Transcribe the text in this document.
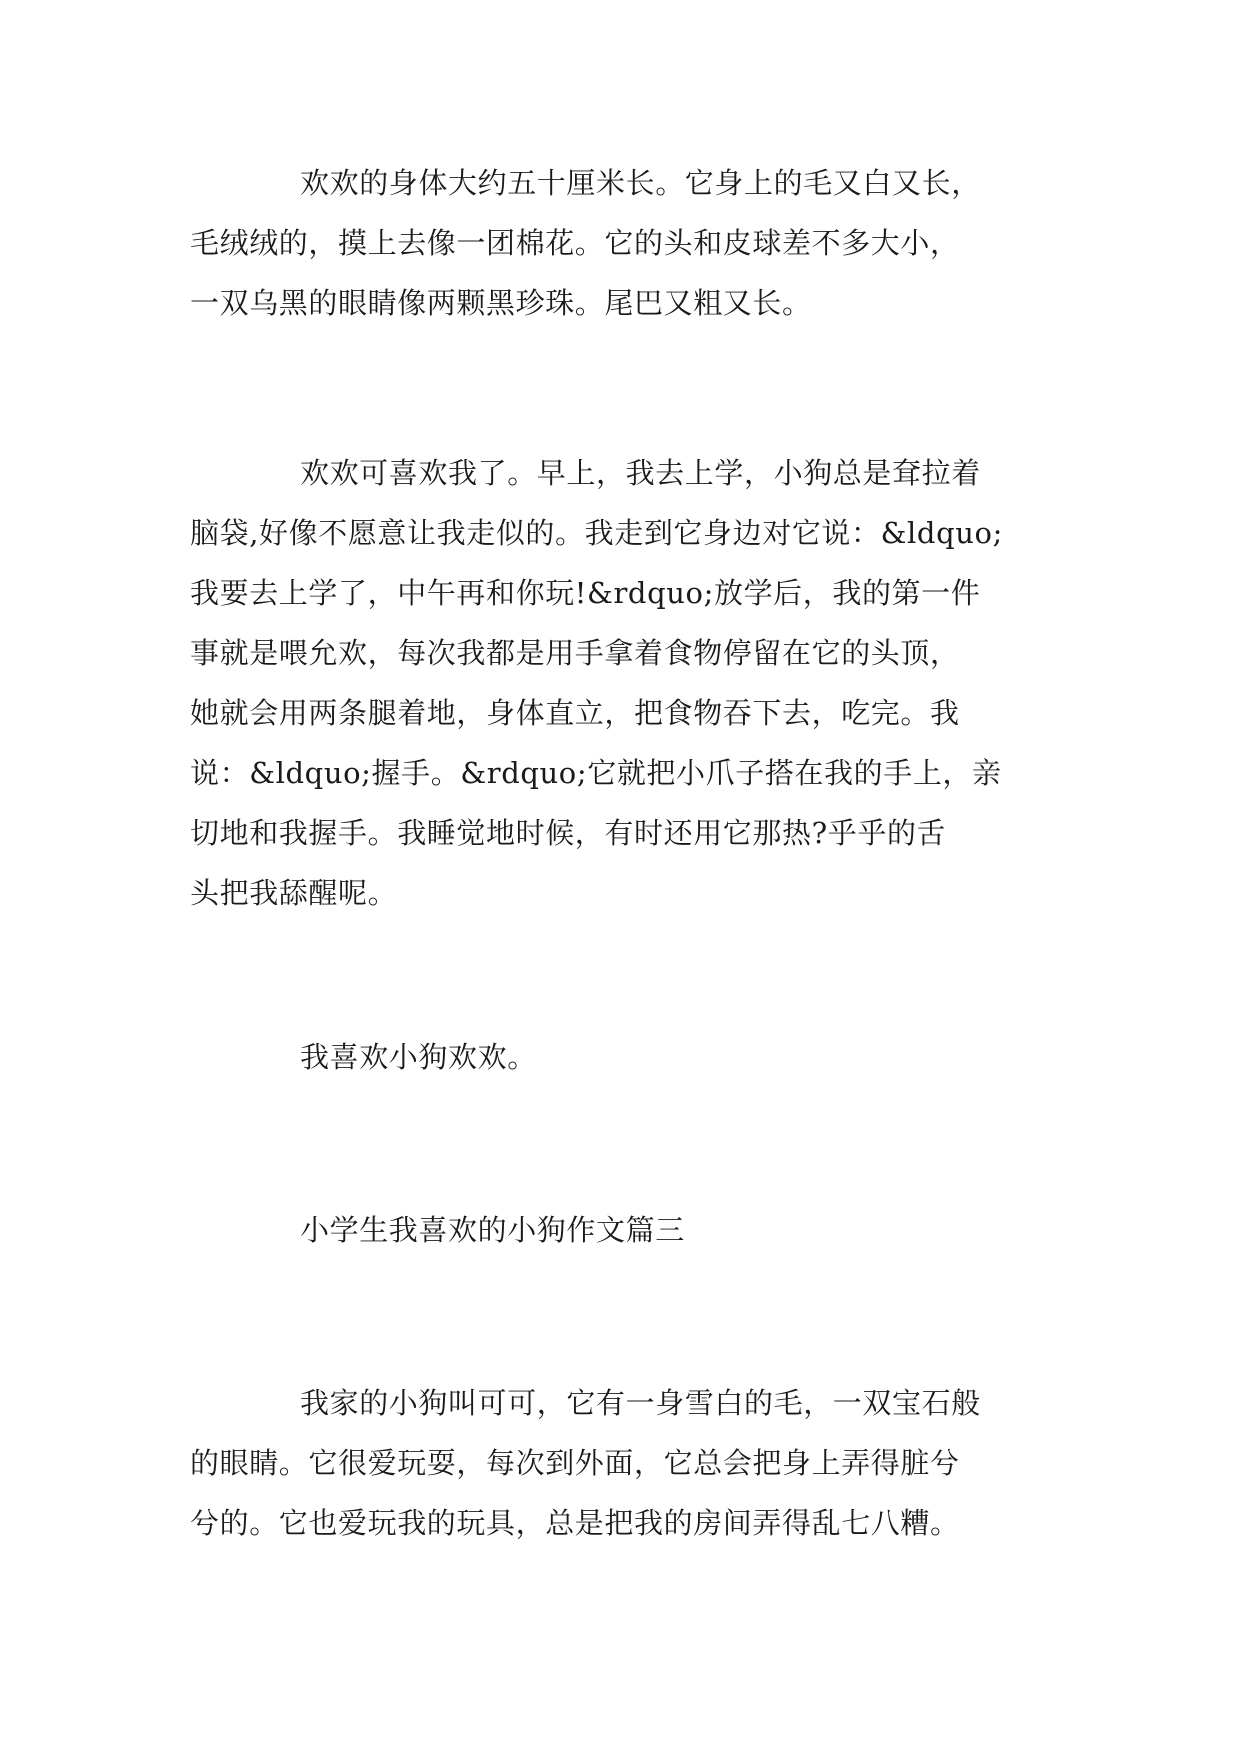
欢欢的身体大约五十厘米长。它身上的毛又白又长，
毛绒绒的，摸上去像一团棉花。它的头和皮球差不多大小，
一双乌黑的眼睛像两颗黑珍珠。尾巴又粗又长。
欢欢可喜欢我了。早上，我去上学，小狗总是耷拉着
脑袋,好像不愿意让我走似的。我走到它身边对它说：&ldquo;
我要去上学了，中午再和你玩!&rdquo;放学后，我的第一件
事就是喂允欢，每次我都是用手拿着食物停留在它的头顶，
她就会用两条腿着地，身体直立，把食物吞下去，吃完。我
说：&ldquo;握手。&rdquo;它就把小爪子搭在我的手上，亲
切地和我握手。我睡觉地时候，有时还用它那热?乎乎的舌
头把我舔醒呢。
我喜欢小狗欢欢。
小学生我喜欢的小狗作文篇三
我家的小狗叫可可，它有一身雪白的毛，一双宝石般
的眼睛。它很爱玩耍，每次到外面，它总会把身上弄得脏兮
兮的。它也爱玩我的玩具，总是把我的房间弄得乱七八糟。
